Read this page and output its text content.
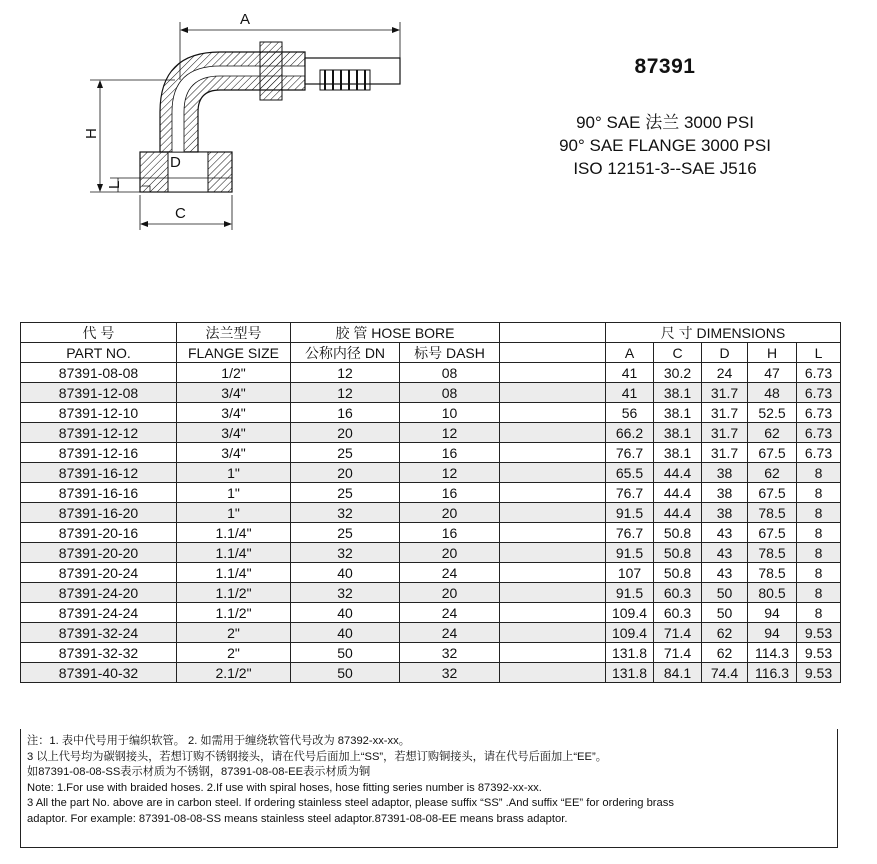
A
H
L
D
C
87391
90° SAE 法兰 3000 PSI
90° SAE FLANGE 3000 PSI
ISO 12151-3--SAE J516
代 号	法兰型号	胶 管 HOSE BORE			尺 寸 DIMENSIONS				
PART NO.	FLANGE SIZE	公称内径 DN	标号 DASH		A	C	D	H	L
87391-08-08	1/2"	12	08		41	30.2	24	47	6.73
87391-12-08	3/4"	12	08		41	38.1	31.7	48	6.73
87391-12-10	3/4"	16	10		56	38.1	31.7	52.5	6.73
87391-12-12	3/4"	20	12		66.2	38.1	31.7	62	6.73
87391-12-16	3/4"	25	16		76.7	38.1	31.7	67.5	6.73
87391-16-12	1"	20	12		65.5	44.4	38	62	8
87391-16-16	1"	25	16		76.7	44.4	38	67.5	8
87391-16-20	1"	32	20		91.5	44.4	38	78.5	8
87391-20-16	1.1/4"	25	16		76.7	50.8	43	67.5	8
87391-20-20	1.1/4"	32	20		91.5	50.8	43	78.5	8
87391-20-24	1.1/4"	40	24		107	50.8	43	78.5	8
87391-24-20	1.1/2"	32	20		91.5	60.3	50	80.5	8
87391-24-24	1.1/2"	40	24		109.4	60.3	50	94	8
87391-32-24	2"	40	24		109.4	71.4	62	94	9.53
87391-32-32	2"	50	32		131.8	71.4	62	114.3	9.53
87391-40-32	2.1/2"	50	32		131.8	84.1	74.4	116.3	9.53
注：1. 表中代号用于编织软管。 2. 如需用于缠绕软管代号改为 87392-xx-xx。
3 以上代号均为碳钢接头，若想订购不锈钢接头，请在代号后面加上“SS”，若想订购铜接头，请在代号后面加上“EE”。
如87391-08-08-SS表示材质为不锈钢，87391-08-08-EE表示材质为铜
Note: 1.For use with braided hoses. 2.If use with spiral hoses, hose fitting series number is 87392-xx-xx.
3 All the part No. above are in carbon steel. If ordering stainless steel adaptor, please suffix “SS” .And suffix “EE” for ordering brass
adaptor. For example: 87391-08-08-SS means stainless steel adaptor.87391-08-08-EE means brass adaptor.
